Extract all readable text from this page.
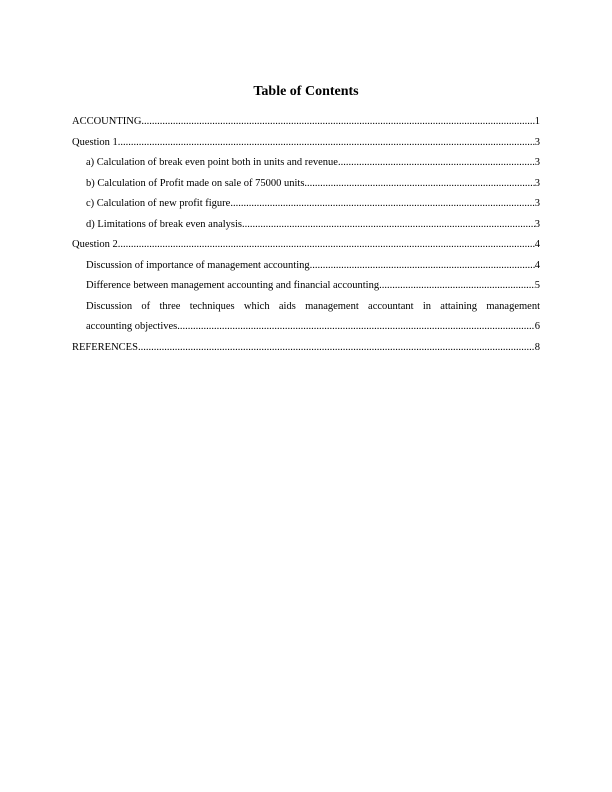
Table of Contents
ACCOUNTING .....	1
Question 1 .....	3
a) Calculation of break even point both in units and revenue .....	3
b) Calculation of Profit made on sale of 75000 units .....	3
c) Calculation of new profit figure .....	3
d) Limitations of break even analysis .....	3
Question 2 .....	4
Discussion of importance of management accounting .....	4
Difference between management accounting and financial accounting .....	5
Discussion of three techniques which aids management accountant in attaining management
accounting objectives .....	6
REFERENCES .....	8
